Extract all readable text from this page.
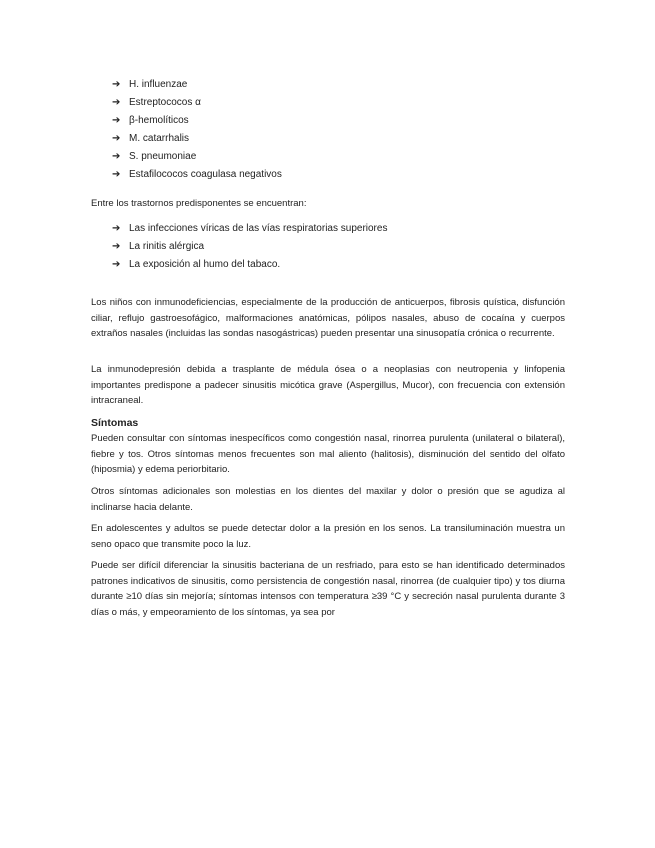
➔ H. influenzae
➔ Estreptococos α
➔ β-hemolíticos
➔ M. catarrhalis
➔ S. pneumoniae
➔ Estafilococos coagulasa negativos

Entre los trastornos predisponentes se encuentran:

➔ Las infecciones víricas de las vías respiratorias superiores
➔ La rinitis alérgica
➔ La exposición al humo del tabaco.

Los niños con inmunodeficiencias, especialmente de la producción de anticuerpos, fibrosis quística, disfunción ciliar, reflujo gastroesofágico, malformaciones anatómicas, pólipos nasales, abuso de cocaína y cuerpos extraños nasales (incluidas las sondas nasogástricas) pueden presentar una sinusopatía crónica o recurrente.

La inmunodepresión debida a trasplante de médula ósea o a neoplasias con neutropenia y linfopenia importantes predispone a padecer sinusitis micótica grave (Aspergillus, Mucor), con frecuencia con extensión intracraneal.

Síntomas

Pueden consultar con síntomas inespecíficos como congestión nasal, rinorrea purulenta (unilateral o bilateral), fiebre y tos. Otros síntomas menos frecuentes son mal aliento (halitosis), disminución del sentido del olfato (hiposmia) y edema periorbitario.

Otros síntomas adicionales son molestias en los dientes del maxilar y dolor o presión que se agudiza al inclinarse hacia delante.

En adolescentes y adultos se puede detectar dolor a la presión en los senos. La transiluminación muestra un seno opaco que transmite poco la luz.

Puede ser difícil diferenciar la sinusitis bacteriana de un resfriado, para esto se han identificado determinados patrones indicativos de sinusitis, como persistencia de congestión nasal, rinorrea (de cualquier tipo) y tos diurna durante ≥10 días sin mejoría; síntomas intensos con temperatura ≥39 °C y secreción nasal purulenta durante 3 días o más, y empeoramiento de los síntomas, ya sea por
